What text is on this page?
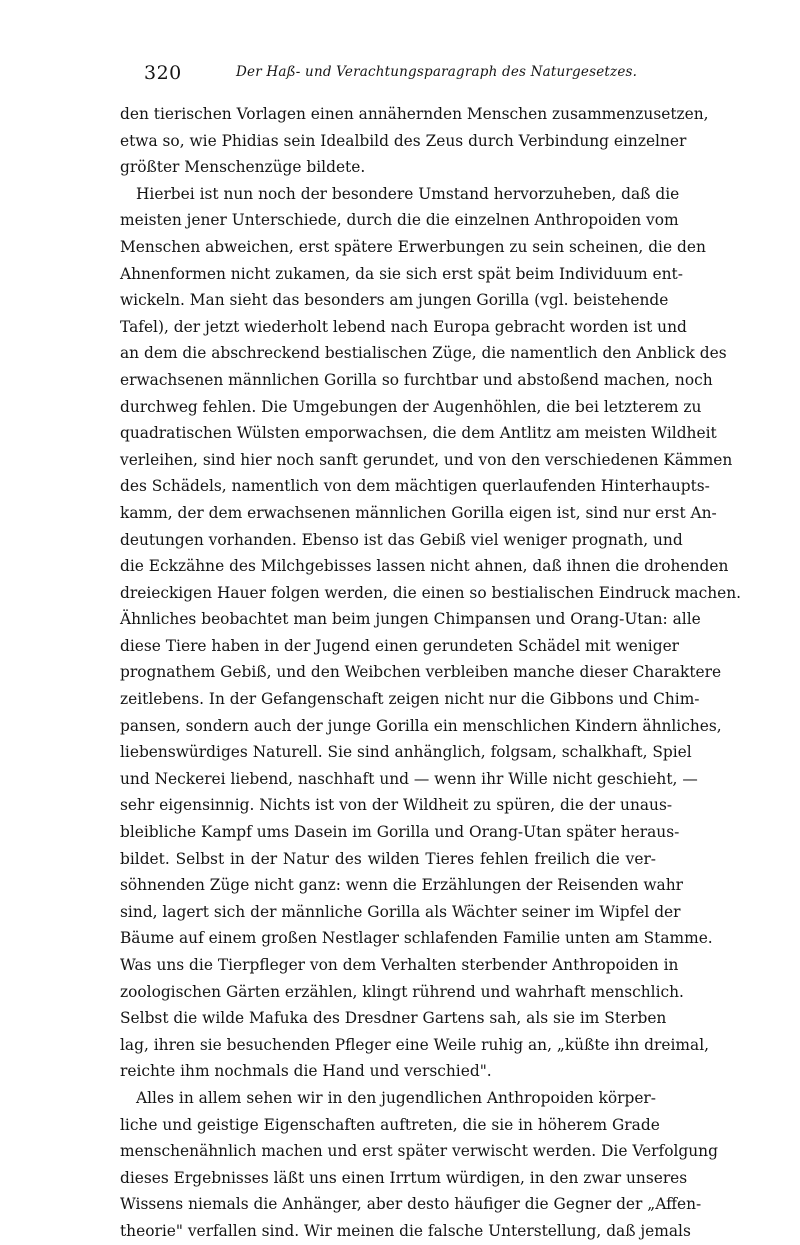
320	Der Haß- und Verachtungsparagraph des Naturgesetzes.
den tierischen Vorlagen einen annähernden Menschen zusammenzusetzen,
etwa so, wie Phidias sein Idealbild des Zeus durch Verbindung einzelner
größter Menschenzüge bildete.
Hierbei ist nun noch der besondere Umstand hervorzuheben, daß die
meisten jener Unterschiede, durch die die einzelnen Anthropoiden vom
Menschen abweichen, erst spätere Erwerbungen zu sein scheinen, die den
Ahnenformen nicht zukamen, da sie sich erst spät beim Individuum ent-
wickeln. Man sieht das besonders am jungen Gorilla (vgl. beistehende
Tafel), der jetzt wiederholt lebend nach Europa gebracht worden ist und
an dem die abschreckend bestialischen Züge, die namentlich den Anblick des
erwachsenen männlichen Gorilla so furchtbar und abstoßend machen, noch
durchweg fehlen. Die Umgebungen der Augenhöhlen, die bei letzterem zu
quadratischen Wülsten emporwachsen, die dem Antlitz am meisten Wildheit
verleihen, sind hier noch sanft gerundet, und von den verschiedenen Kämmen
des Schädels, namentlich von dem mächtigen querlaufenden Hinterhaupts-
kamm, der dem erwachsenen männlichen Gorilla eigen ist, sind nur erst An-
deutungen vorhanden. Ebenso ist das Gebiß viel weniger prognath, und
die Eckzähne des Milchgebisses lassen nicht ahnen, daß ihnen die drohenden
dreieckigen Hauer folgen werden, die einen so bestialischen Eindruck machen.
Ähnliches beobachtet man beim jungen Chimpansen und Orang-Utan: alle
diese Tiere haben in der Jugend einen gerundeten Schädel mit weniger
prognathem Gebiß, und den Weibchen verbleiben manche dieser Charaktere
zeitlebens. In der Gefangenschaft zeigen nicht nur die Gibbons und Chim-
pansen, sondern auch der junge Gorilla ein menschlichen Kindern ähnliches,
liebenswürdiges Naturell. Sie sind anhänglich, folgsam, schalkhaft, Spiel
und Neckerei liebend, naschhaft und — wenn ihr Wille nicht geschieht, —
sehr eigensinnig. Nichts ist von der Wildheit zu spüren, die der unaus-
bleibliche Kampf ums Dasein im Gorilla und Orang-Utan später heraus-
bildet. Selbst in der Natur des wilden Tieres fehlen freilich die ver-
söhnenden Züge nicht ganz: wenn die Erzählungen der Reisenden wahr
sind, lagert sich der männliche Gorilla als Wächter seiner im Wipfel der
Bäume auf einem großen Nestlager schlafenden Familie unten am Stamme.
Was uns die Tierpfleger von dem Verhalten sterbender Anthropoiden in
zoologischen Gärten erzählen, klingt rührend und wahrhaft menschlich.
Selbst die wilde Mafuka des Dresdner Gartens sah, als sie im Sterben
lag, ihren sie besuchenden Pfleger eine Weile ruhig an, „küßte ihn dreimal,
reichte ihm nochmals die Hand und verschied".
Alles in allem sehen wir in den jugendlichen Anthropoiden körper-
liche und geistige Eigenschaften auftreten, die sie in höherem Grade
menschenähnlich machen und erst später verwischt werden. Die Verfolgung
dieses Ergebnisses läßt uns einen Irrtum würdigen, in den zwar unseres
Wissens niemals die Anhänger, aber desto häufiger die Gegner der „Affen-
theorie" verfallen sind. Wir meinen die falsche Unterstellung, daß jemals
